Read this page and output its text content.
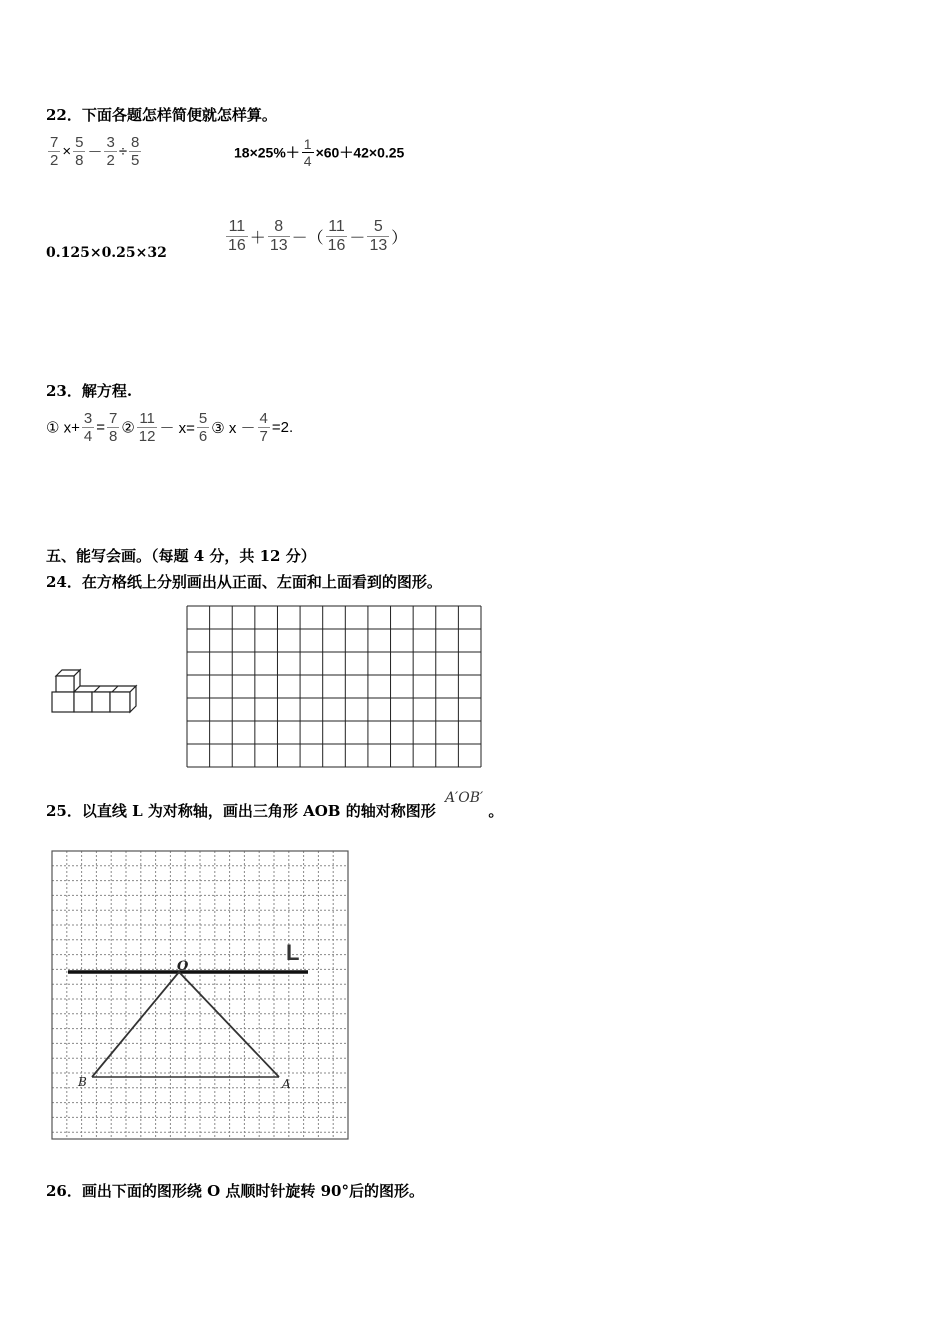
22．下面各题怎样简便就怎样算。
$\frac{7}{2} \times \frac{5}{8} - \frac{3}{2} \div \frac{8}{5}$	$18\times 25\%+ \frac{1}{4} \times 60+42\times 0.25$
0.125×0.25×32	$\frac{11}{16} + \frac{8}{13}$ －（ $\frac{11}{16} - \frac{5}{13}$ ）
23．解方程.
① $x+ \frac{3}{4} = \frac{7}{8}$ ② $\frac{11}{12} - x= \frac{5}{6}$ ③ $x - \frac{4}{7} =2$.
五、能写会画。（每题 4 分，共 12 分）
24．在方格纸上分别画出从正面、左面和上面看到的图形。
25．以直线 L 为对称轴，画出三角形 AOB 的轴对称图形 A′OB′ 。
L
O
A
B
26．画出下面的图形绕 O 点顺时针旋转 90°后的图形。
